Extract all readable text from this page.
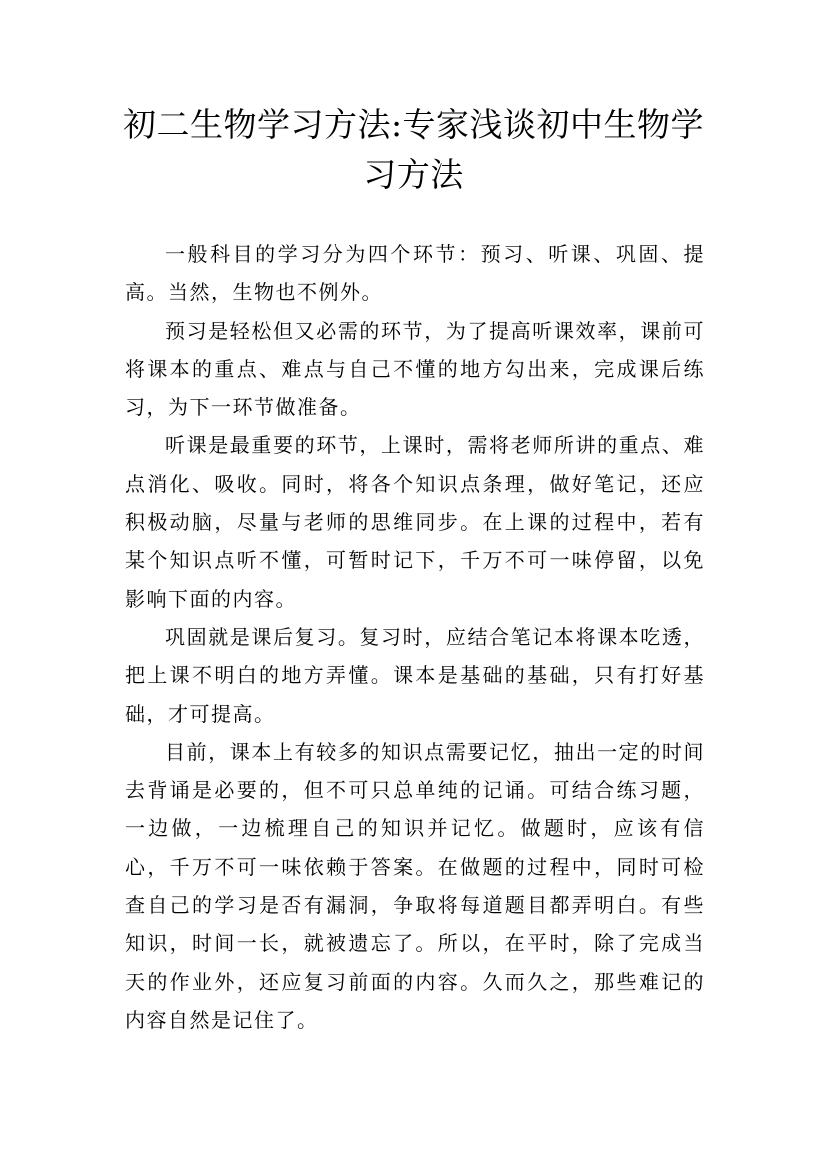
初二生物学习方法:专家浅谈初中生物学习方法

一般科目的学习分为四个环节：预习、听课、巩固、提高。当然，生物也不例外。

预习是轻松但又必需的环节，为了提高听课效率，课前可将课本的重点、难点与自己不懂的地方勾出来，完成课后练习，为下一环节做准备。

听课是最重要的环节，上课时，需将老师所讲的重点、难点消化、吸收。同时，将各个知识点条理，做好笔记，还应积极动脑，尽量与老师的思维同步。在上课的过程中，若有某个知识点听不懂，可暂时记下，千万不可一味停留，以免影响下面的内容。

巩固就是课后复习。复习时，应结合笔记本将课本吃透，把上课不明白的地方弄懂。课本是基础的基础，只有打好基础，才可提高。

目前，课本上有较多的知识点需要记忆，抽出一定的时间去背诵是必要的，但不可只总单纯的记诵。可结合练习题，一边做，一边梳理自己的知识并记忆。做题时，应该有信心，千万不可一味依赖于答案。在做题的过程中，同时可检查自己的学习是否有漏洞，争取将每道题目都弄明白。有些知识，时间一长，就被遗忘了。所以，在平时，除了完成当天的作业外，还应复习前面的内容。久而久之，那些难记的内容自然是记住了。
